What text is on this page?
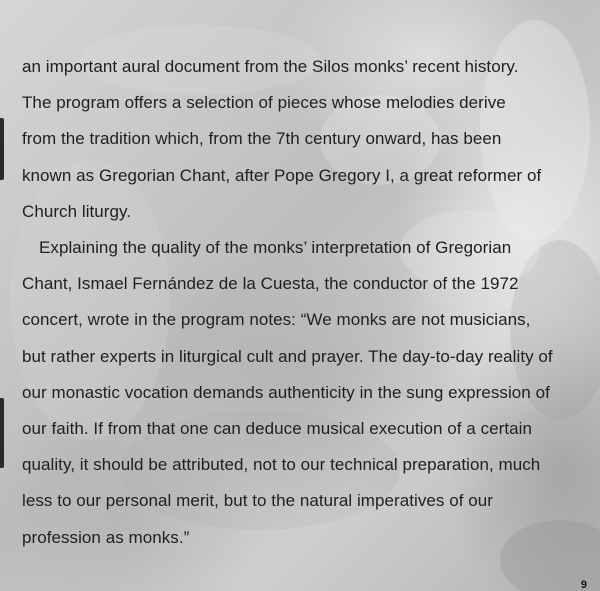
an important aural document from the Silos monks’ recent history.
The program offers a selection of pieces whose melodies derive
from the tradition which, from the 7th century onward, has been
known as Gregorian Chant, after Pope Gregory I, a great reformer of
Church liturgy.
Explaining the quality of the monks’ interpretation of Gregorian
Chant, Ismael Fernández de la Cuesta, the conductor of the 1972
concert, wrote in the program notes: “We monks are not musicians,
but rather experts in liturgical cult and prayer. The day-to-day reality of
our monastic vocation demands authenticity in the sung expression of
our faith. If from that one can deduce musical execution of a certain
quality, it should be attributed, not to our technical preparation, much
less to our personal merit, but to the natural imperatives of our
profession as monks.”
9
